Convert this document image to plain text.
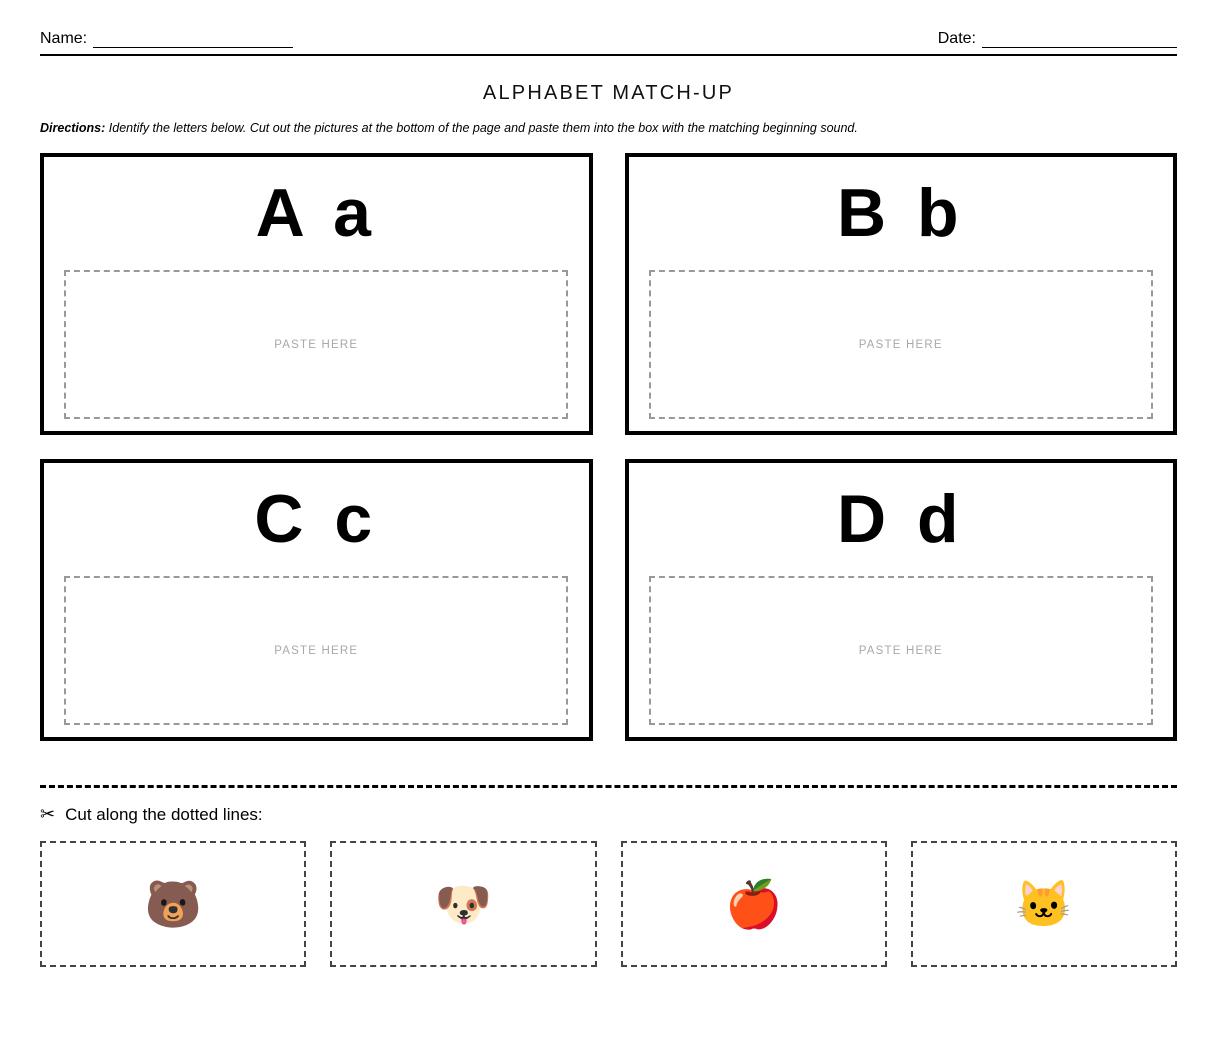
Name:	Date:
ALPHABET MATCH-UP
Directions: Identify the letters below. Cut out the pictures at the bottom of the page and paste them into the box with the matching beginning sound.
A a
PASTE HERE
B b
PASTE HERE
C c
PASTE HERE
D d
PASTE HERE
✂ Cut along the dotted lines:
🐻	🐶	🍎	🐱
